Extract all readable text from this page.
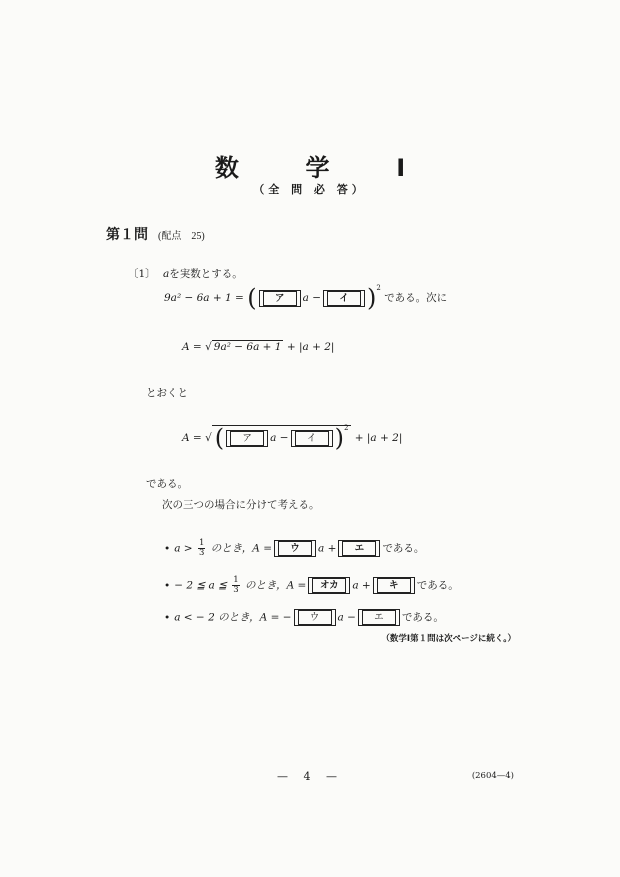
数	学	Ⅰ
（全 問 必 答）
第１問 (配点　25)
〔1〕 aを実数とする。
9a² − 6a + 1 = ( ア a − イ )$^2$ である。次に
A = √ 9a² − 6a + 1 + |a + 2|
とおくと
A = √ ( ア a − イ )$^2$ + |a + 2|
である。
次の三つの場合に分けて考える。
• $a > \frac{1}{3}$ のとき，A = ウ a + エ である。
• − 2 ≦ a ≦ $\frac{1}{3}$ のとき，A = オカ a + キ である。
• a < − 2 のとき，A = − ウ a − エ である。
（数学Ⅰ第１問は次ページに続く。）
— 4 —	(2604—4)
